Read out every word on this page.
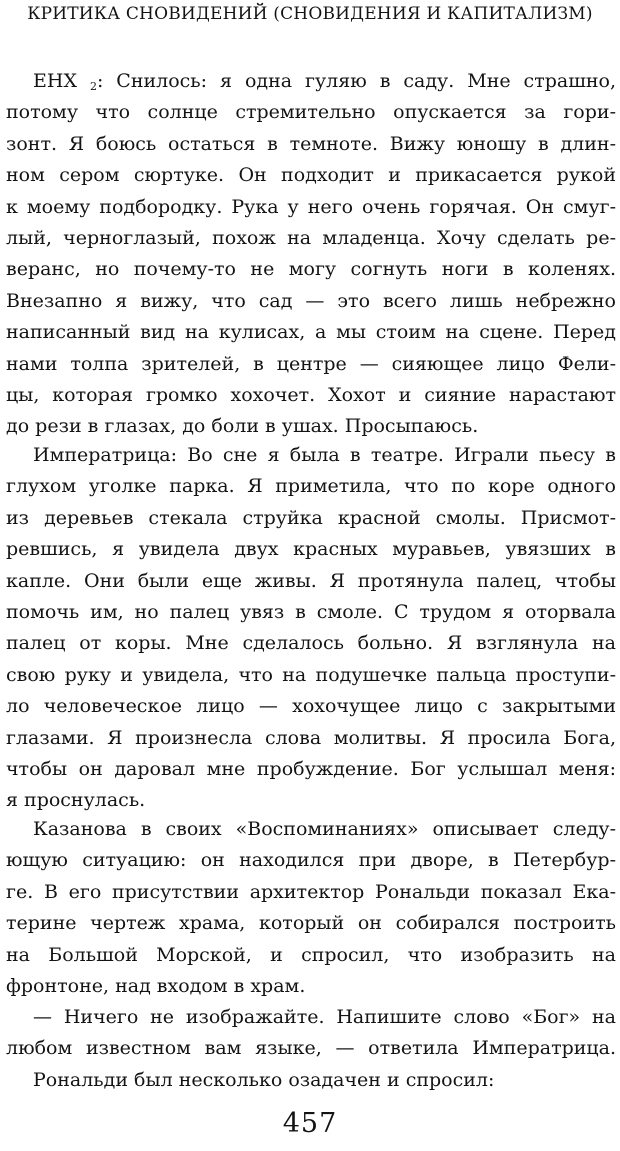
КРИТИКА СНОВИДЕНИЙ (СНОВИДЕНИЯ И КАПИТАЛИЗМ)
ЕНХ $_2$: Снилось: я одна гуляю в саду. Мне страшно,
потому что солнце стремительно опускается за гори-
зонт. Я боюсь остаться в темноте. Вижу юношу в длин-
ном сером сюртуке. Он подходит и прикасается рукой
к моему подбородку. Рука у него очень горячая. Он смуг-
лый, черноглазый, похож на младенца. Хочу сделать ре-
веранс, но почему-то не могу согнуть ноги в коленях.
Внезапно я вижу, что сад — это всего лишь небрежно
написанный вид на кулисах, а мы стоим на сцене. Перед
нами толпа зрителей, в центре — сияющее лицо Фели-
цы, которая громко хохочет. Хохот и сияние нарастают
до рези в глазах, до боли в ушах. Просыпаюсь.
Императрица: Во сне я была в театре. Играли пьесу в
глухом уголке парка. Я приметила, что по коре одного
из деревьев стекала струйка красной смолы. Присмот-
ревшись, я увидела двух красных муравьев, увязших в
капле. Они были еще живы. Я протянула палец, чтобы
помочь им, но палец увяз в смоле. С трудом я оторвала
палец от коры. Мне сделалось больно. Я взглянула на
свою руку и увидела, что на подушечке пальца проступи-
ло человеческое лицо — хохочущее лицо с закрытыми
глазами. Я произнесла слова молитвы. Я просила Бога,
чтобы он даровал мне пробуждение. Бог услышал меня:
я проснулась.
Казанова в своих «Воспоминаниях» описывает следу-
ющую ситуацию: он находился при дворе, в Петербур-
ге. В его присутствии архитектор Рональди показал Ека-
терине чертеж храма, который он собирался построить
на Большой Морской, и спросил, что изобразить на
фронтоне, над входом в храм.
— Ничего не изображайте. Напишите слово «Бог» на
любом известном вам языке, — ответила Императрица.
Рональди был несколько озадачен и спросил:
457
